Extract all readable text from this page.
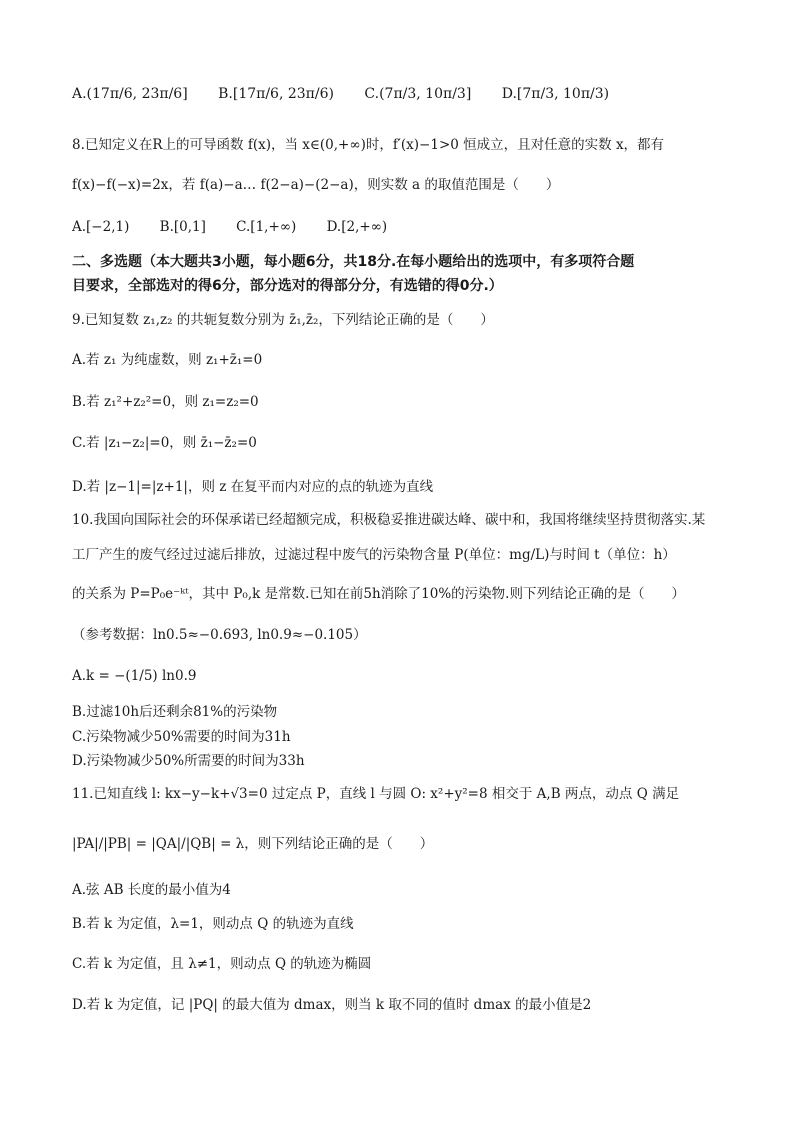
A.(17π/6, 23π/6] B.[17π/6, 23π/6) C.(7π/3, 10π/3] D.[7π/3, 10π/3)
8.已知定义在R上的可导函数 f(x)，当 x∈(0,+∞)时，f′(x)−1>0 恒成立，且对任意的实数 x，都有
f(x)−f(−x)=2x，若 f(a)−a… f(2−a)−(2−a)，则实数 a 的取值范围是（　　）
A.[−2,1) B.[0,1] C.[1,+∞) D.[2,+∞)
二、多选题（本大题共3小题，每小题6分，共18分.在每小题给出的选项中，有多项符合题
目要求，全部选对的得6分，部分选对的得部分分，有选错的得0分.）
9.已知复数 z₁,z₂ 的共轭复数分别为 z̄₁,z̄₂，下列结论正确的是（　　）
A.若 z₁ 为纯虚数，则 z₁+z̄₁=0
B.若 z₁²+z₂²=0，则 z₁=z₂=0
C.若 |z₁−z₂|=0，则 z̄₁−z̄₂=0
D.若 |z−1|=|z+1|，则 z 在复平而内对应的点的轨迹为直线
10.我国向国际社会的环保承诺已经超额完成，积极稳妥推进碳达峰、碳中和，我国将继续坚持贯彻落实.某
工厂产生的废气经过过滤后排放，过滤过程中废气的污染物含量 P(单位：mg/L)与时间 t（单位：h）
的关系为 P=P₀e⁻ᵏᵗ，其中 P₀,k 是常数.已知在前5h消除了10%的污染物.则下列结论正确的是（　　）
（参考数据：ln0.5≈−0.693, ln0.9≈−0.105）
A.k = −(1/5) ln0.9
B.过滤10h后还剩余81%的污染物
C.污染物减少50%需要的时间为31h
D.污染物减少50%所需要的时间为33h
11.已知直线 l: kx−y−k+√3=0 过定点 P，直线 l 与圆 O: x²+y²=8 相交于 A,B 两点，动点 Q 满足
|PA|/|PB| = |QA|/|QB| = λ，则下列结论正确的是（　　）
A.弦 AB 长度的最小值为4
B.若 k 为定值，λ=1，则动点 Q 的轨迹为直线
C.若 k 为定值，且 λ≠1，则动点 Q 的轨迹为椭圆
D.若 k 为定值，记 |PQ| 的最大值为 dmax，则当 k 取不同的值时 dmax 的最小值是2
